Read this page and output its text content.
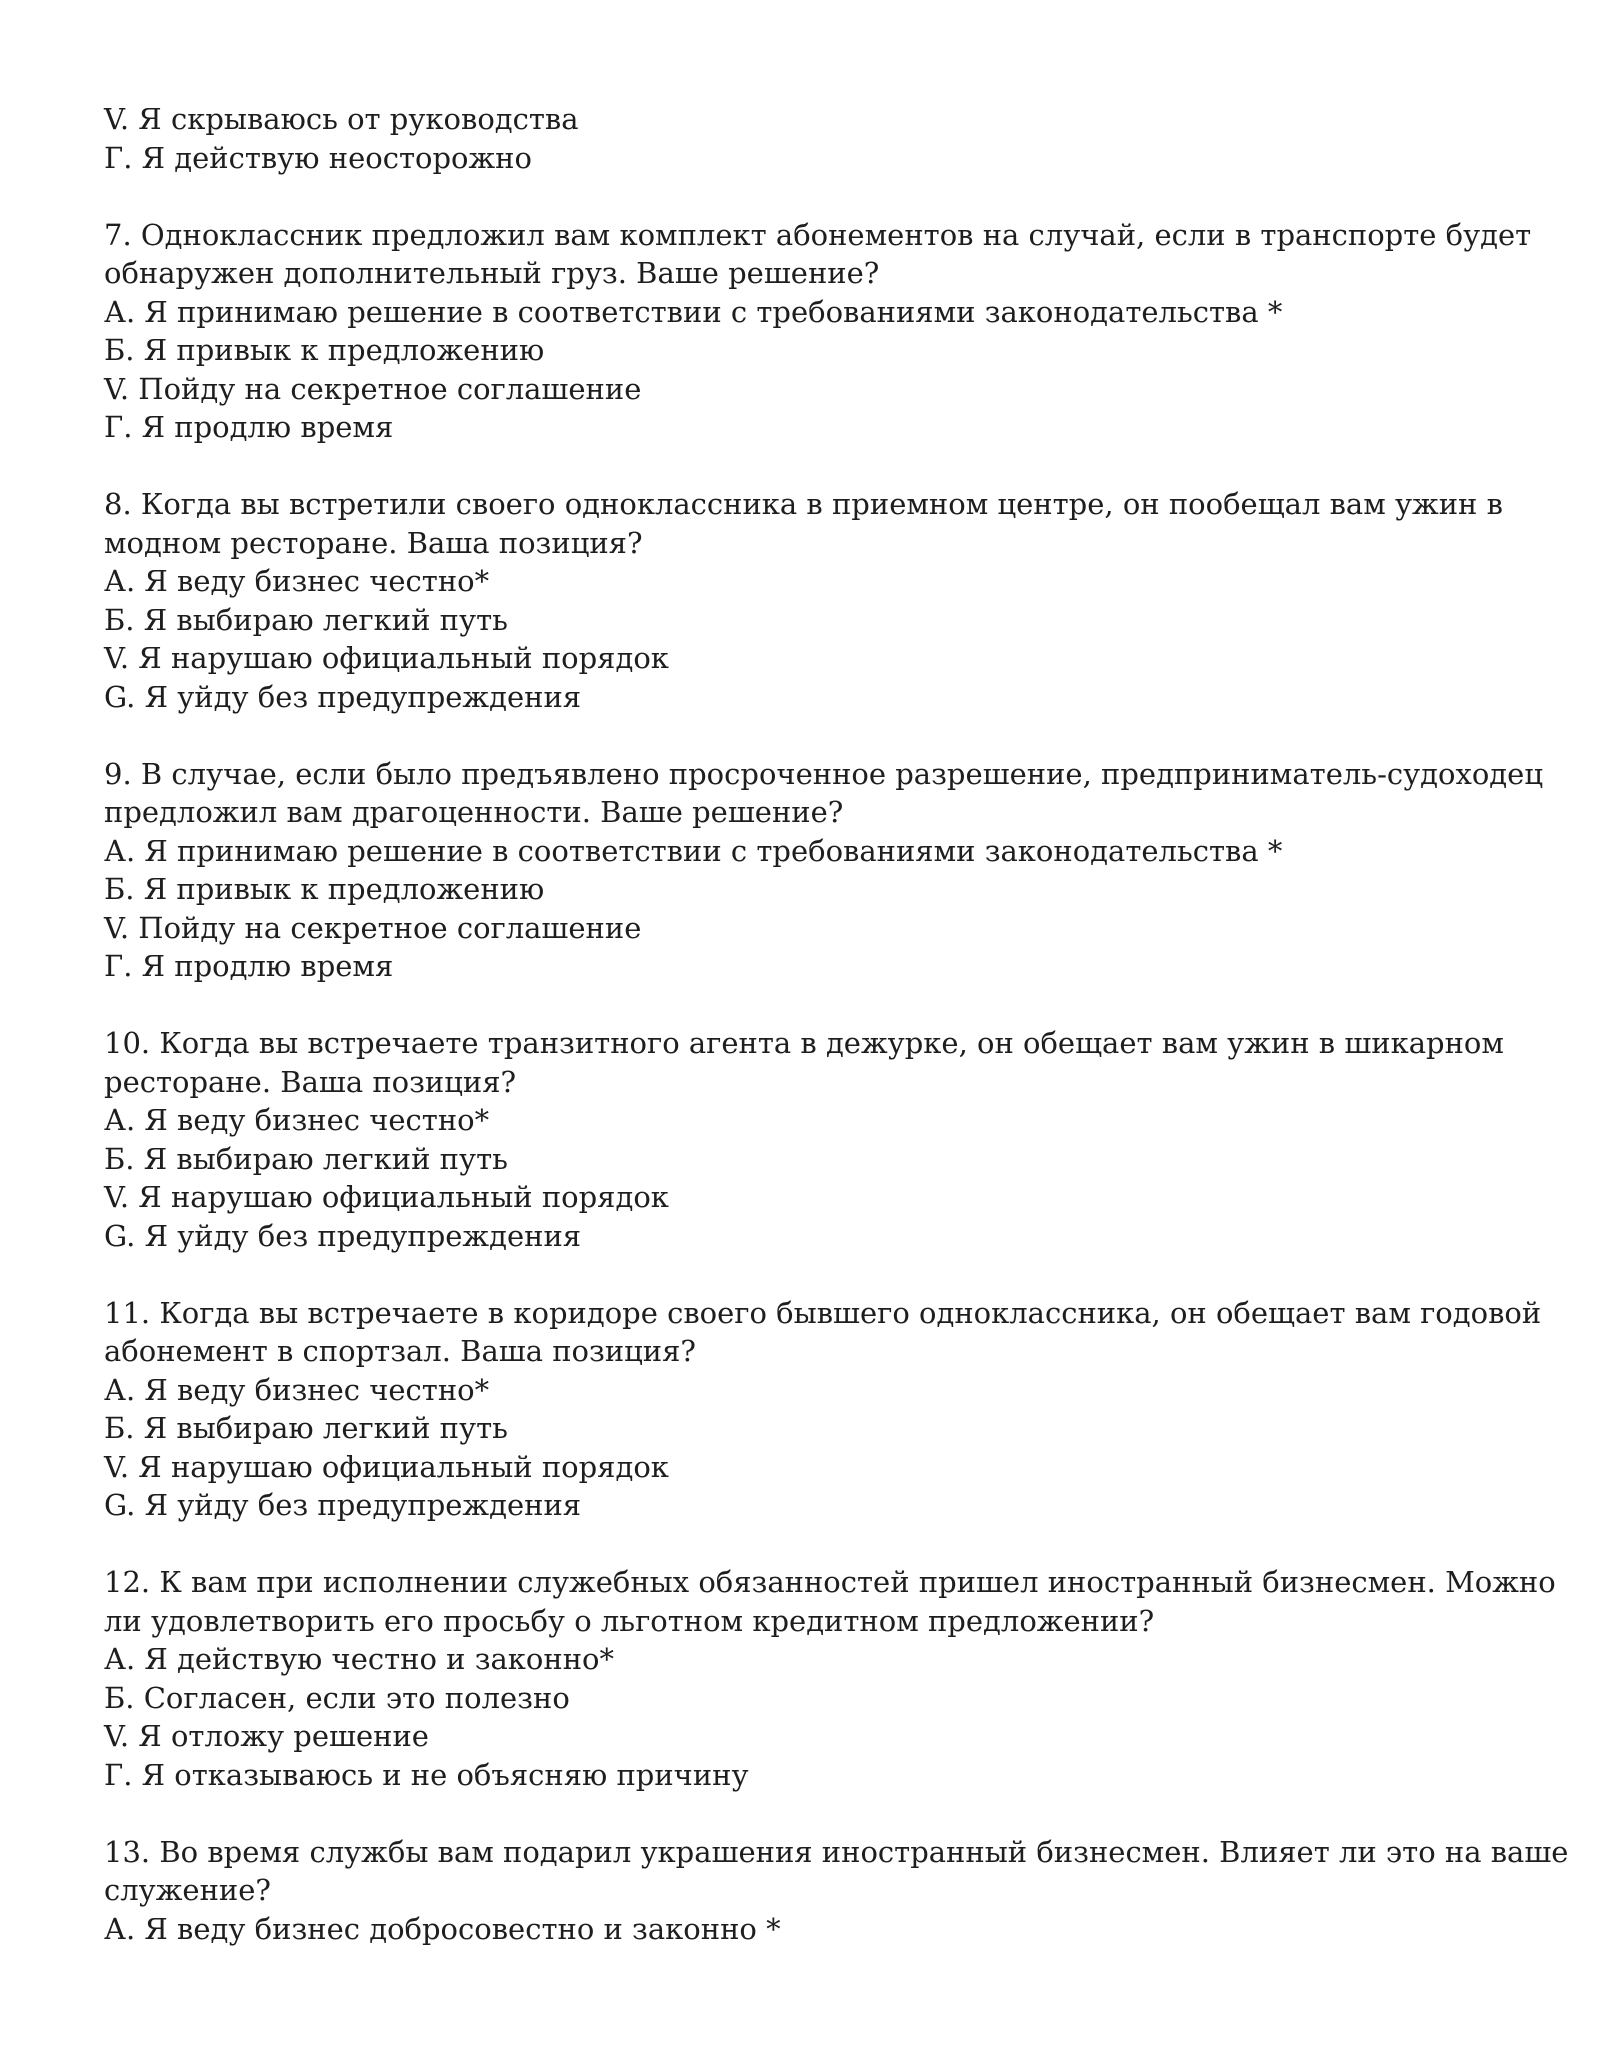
V. Я скрываюсь от руководства
Г. Я действую неосторожно
7. Одноклассник предложил вам комплект абонементов на случай, если в транспорте будет
обнаружен дополнительный груз. Ваше решение?
А. Я принимаю решение в соответствии с требованиями законодательства *
Б. Я привык к предложению
V. Пойду на секретное соглашение
Г. Я продлю время
8. Когда вы встретили своего одноклассника в приемном центре, он пообещал вам ужин в
модном ресторане. Ваша позиция?
А. Я веду бизнес честно*
Б. Я выбираю легкий путь
V. Я нарушаю официальный порядок
G. Я уйду без предупреждения
9. В случае, если было предъявлено просроченное разрешение, предприниматель-судоходец
предложил вам драгоценности. Ваше решение?
А. Я принимаю решение в соответствии с требованиями законодательства *
Б. Я привык к предложению
V. Пойду на секретное соглашение
Г. Я продлю время
10. Когда вы встречаете транзитного агента в дежурке, он обещает вам ужин в шикарном
ресторане. Ваша позиция?
А. Я веду бизнес честно*
Б. Я выбираю легкий путь
V. Я нарушаю официальный порядок
G. Я уйду без предупреждения
11. Когда вы встречаете в коридоре своего бывшего одноклассника, он обещает вам годовой
абонемент в спортзал. Ваша позиция?
А. Я веду бизнес честно*
Б. Я выбираю легкий путь
V. Я нарушаю официальный порядок
G. Я уйду без предупреждения
12. К вам при исполнении служебных обязанностей пришел иностранный бизнесмен. Можно
ли удовлетворить его просьбу о льготном кредитном предложении?
А. Я действую честно и законно*
Б. Согласен, если это полезно
V. Я отложу решение
Г. Я отказываюсь и не объясняю причину
13. Во время службы вам подарил украшения иностранный бизнесмен. Влияет ли это на ваше
служение?
А. Я веду бизнес добросовестно и законно *
